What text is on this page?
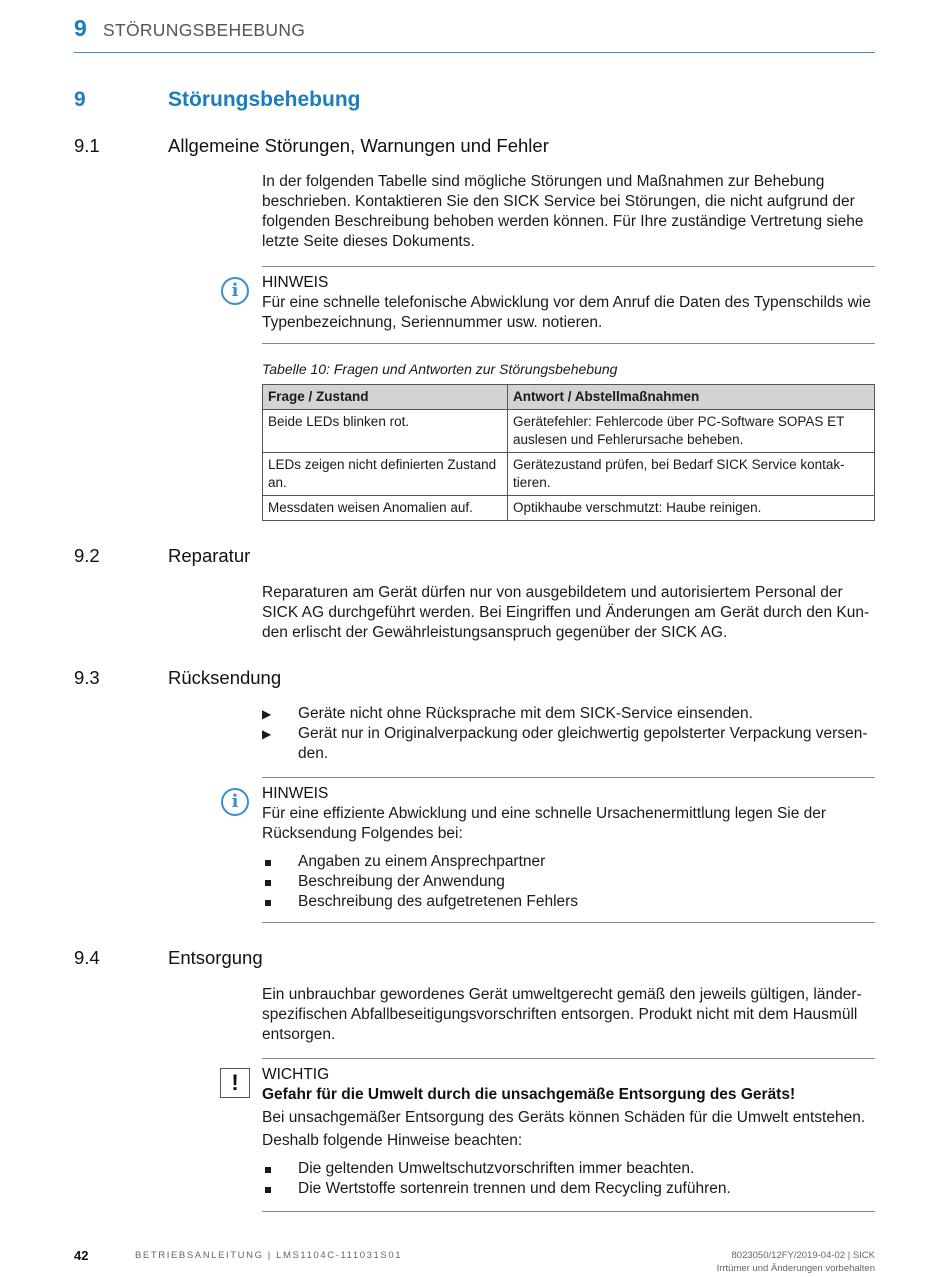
9 STÖRUNGSBEHEBUNG
9	Störungsbehebung
9.1	Allgemeine Störungen, Warnungen und Fehler

In der folgenden Tabelle sind mögliche Störungen und Maßnahmen zur Behebung beschrieben. Kontaktieren Sie den SICK Service bei Störungen, die nicht aufgrund der folgenden Beschreibung behoben werden können. Für Ihre zuständige Vertretung siehe letzte Seite dieses Dokuments.

i	HINWEIS

Für eine schnelle telefonische Abwicklung vor dem Anruf die Daten des Typenschilds wie Typenbezeichnung, Seriennummer usw. notieren.

Tabelle 10: Fragen und Antworten zur Störungsbehebung
Frage / Zustand	Antwort / Abstellmaßnahmen
Beide LEDs blinken rot.	Gerätefehler: Fehlercode über PC-Software SOPAS ET auslesen und Fehlerursache beheben.
LEDs zeigen nicht definierten Zustand an.	Gerätezustand prüfen, bei Bedarf SICK Service kontak-tieren.
Messdaten weisen Anomalien auf.	Optikhaube verschmutzt: Haube reinigen.
9.2	Reparatur

Reparaturen am Gerät dürfen nur von ausgebildetem und autorisiertem Personal der SICK AG durchgeführt werden. Bei Eingriffen und Änderungen am Gerät durch den Kun-den erlischt der Gewährleistungsanspruch gegenüber der SICK AG.

9.3	Rücksendung
▶ Geräte nicht ohne Rücksprache mit dem SICK-Service einsenden.
▶ Gerät nur in Originalverpackung oder gleichwertig gepolsterter Verpackung versen-den.
i	HINWEIS

Für eine effiziente Abwicklung und eine schnelle Ursachenermittlung legen Sie der Rücksendung Folgendes bei:

Angaben zu einem Ansprechpartner
Beschreibung der Anwendung
Beschreibung des aufgetretenen Fehlers
9.4	Entsorgung

Ein unbrauchbar gewordenes Gerät umweltgerecht gemäß den jeweils gültigen, länder-spezifischen Abfallbeseitigungsvorschriften entsorgen. Produkt nicht mit dem Hausmüll entsorgen.

!	WICHTIG
Gefahr für die Umwelt durch die unsachgemäße Entsorgung des Geräts!

Bei unsachgemäßer Entsorgung des Geräts können Schäden für die Umwelt entstehen.

Deshalb folgende Hinweise beachten:

Die geltenden Umweltschutzvorschriften immer beachten.
Die Wertstoffe sortenrein trennen und dem Recycling zuführen.
42	BETRIEBSANLEITUNG | LMS1104C-111031S01	8023050/12FY/2019-04-02 | SICK
Irrtümer und Änderungen vorbehalten
